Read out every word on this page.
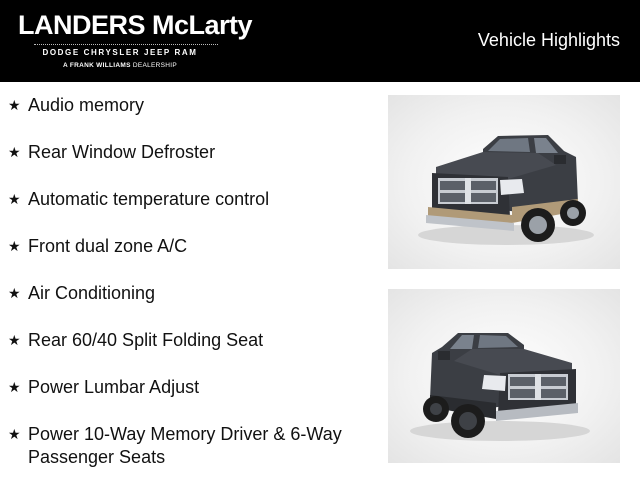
LANDERS McLarty
DODGE CHRYSLER JEEP RAM
A FRANK WILLIAMS DEALERSHIP
Vehicle Highlights
★ Audio memory
★ Rear Window Defroster
★ Automatic temperature control
★ Front dual zone A/C
★ Air Conditioning
★ Rear 60/40 Split Folding Seat
★ Power Lumbar Adjust
★ Power 10-Way Memory Driver & 6-Way Passenger Seats
